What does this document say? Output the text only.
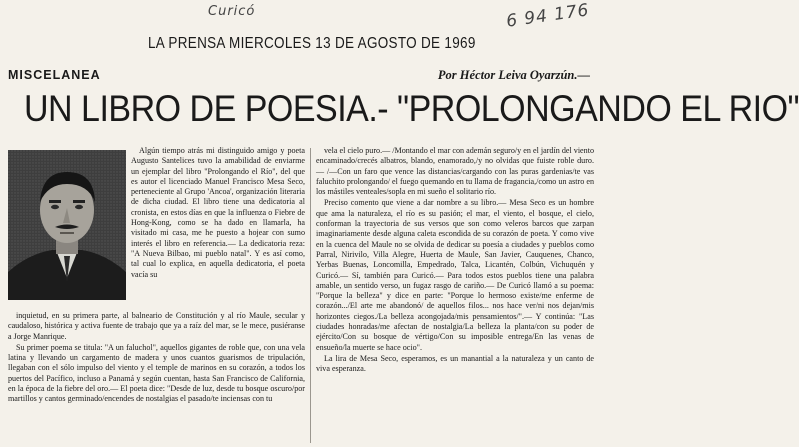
Curicó	6 94 176
LA PRENSA MIERCOLES 13 DE AGOSTO DE 1969
MISCELANEA	Por Héctor Leiva Oyarzún.—
UN LIBRO DE POESIA.- "PROLONGANDO EL RIO"

Algún tiempo atrás mi distinguido amigo y poeta Augusto Santelices tuvo la amabilidad de enviarme un ejemplar del libro "Prolongando el Río", del que es autor el licenciado Manuel Francisco Mesa Seco, perteneciente al Grupo 'Ancoa', organización literaria de dicha ciudad. El libro tiene una dedicatoria al cronista, en estos días en que la influenza o Fiebre de Hong-Kong, como se ha dado en llamarla, ha visitado mi casa, me he puesto a hojear con sumo interés el libro en referencia.— La dedicatoria reza: "A Nueva Bilbao, mi pueblo natal". Y es así como, tal cual lo explica, en aquella dedicatoria, el poeta vacía su

inquietud, en su primera parte, al balneario de Constitución y al río Maule, secular y caudaloso, histórica y activa fuente de trabajo que ya a raíz del mar, se le mece, pusiéranse a Jorge Manrique.

Su primer poema se titula: "A un faluchol", aquellos gigantes de roble que, con una vela latina y llevando un cargamento de madera y unos cuantos guarismos de tripulación, llegaban con el sólo impulso del viento y el temple de marinos en su corazón, a todos los puertos del Pacífico, incluso a Panamá y según cuentan, hasta San Francisco de California, en la época de la fiebre del oro.— El poeta dice: "Desde de luz, desde tu bosque oscuro/por martillos y cantos germinado/encendes de nostalgias el pasado/te inciensas con tu

vela el cielo puro.— /Montando el mar con ademán seguro/y en el jardín del viento encaminado/crecés albatros, blando, enamorado,/y no olvidas que fuiste roble duro.— /—Con un faro que vence las distancias/cargando con las puras gardenias/te vas faluchito prolongando/ el fuego quemando en tu llama de fragancia,/como un astro en los mástiles venteales/sopla en mi sueño el solitario río.

Preciso comento que viene a dar nombre a su libro.— Mesa Seco es un hombre que ama la naturaleza, el río es su pasión; el mar, el viento, el bosque, el cielo, conforman la trayectoria de sus versos que son como veleros barcos que zarpan imaginariamente desde alguna caleta escondida de su corazón de poeta. Y como vive en la cuenca del Maule no se olvida de dedicar su poesía a ciudades y pueblos como Parral, Nirivilo, Villa Alegre, Huerta de Maule, San Javier, Cauquenes, Chanco, Yerbas Buenas, Loncomilla, Empedrado, Talca, Licantén, Colbún, Vichuquén y Curicó.— Sí, también para Curicó.— Para todos estos pueblos tiene una palabra amable, un sentido verso, un fugaz rasgo de cariño.— De Curicó llamó a su poema: "Porque la belleza" y dice en parte: "Porque lo hermoso existe/me enferme de corazón.../El arte me abandonó/ de aquellos filos... nos hace ver/ni nos dejan/mis horizontes ciegos./La belleza acongojada/mis pensamientos/".— Y continúa: "Las ciudades honradas/me afectan de nostalgia/La belleza la planta/con su poder de ejército/Con su bosque de vértigo/Con su imposible entrega/En las venas de ensueño/la muerte se hace ocio".

La lira de Mesa Seco, esperamos, es un manantial a la naturaleza y un canto de viva esperanza.
